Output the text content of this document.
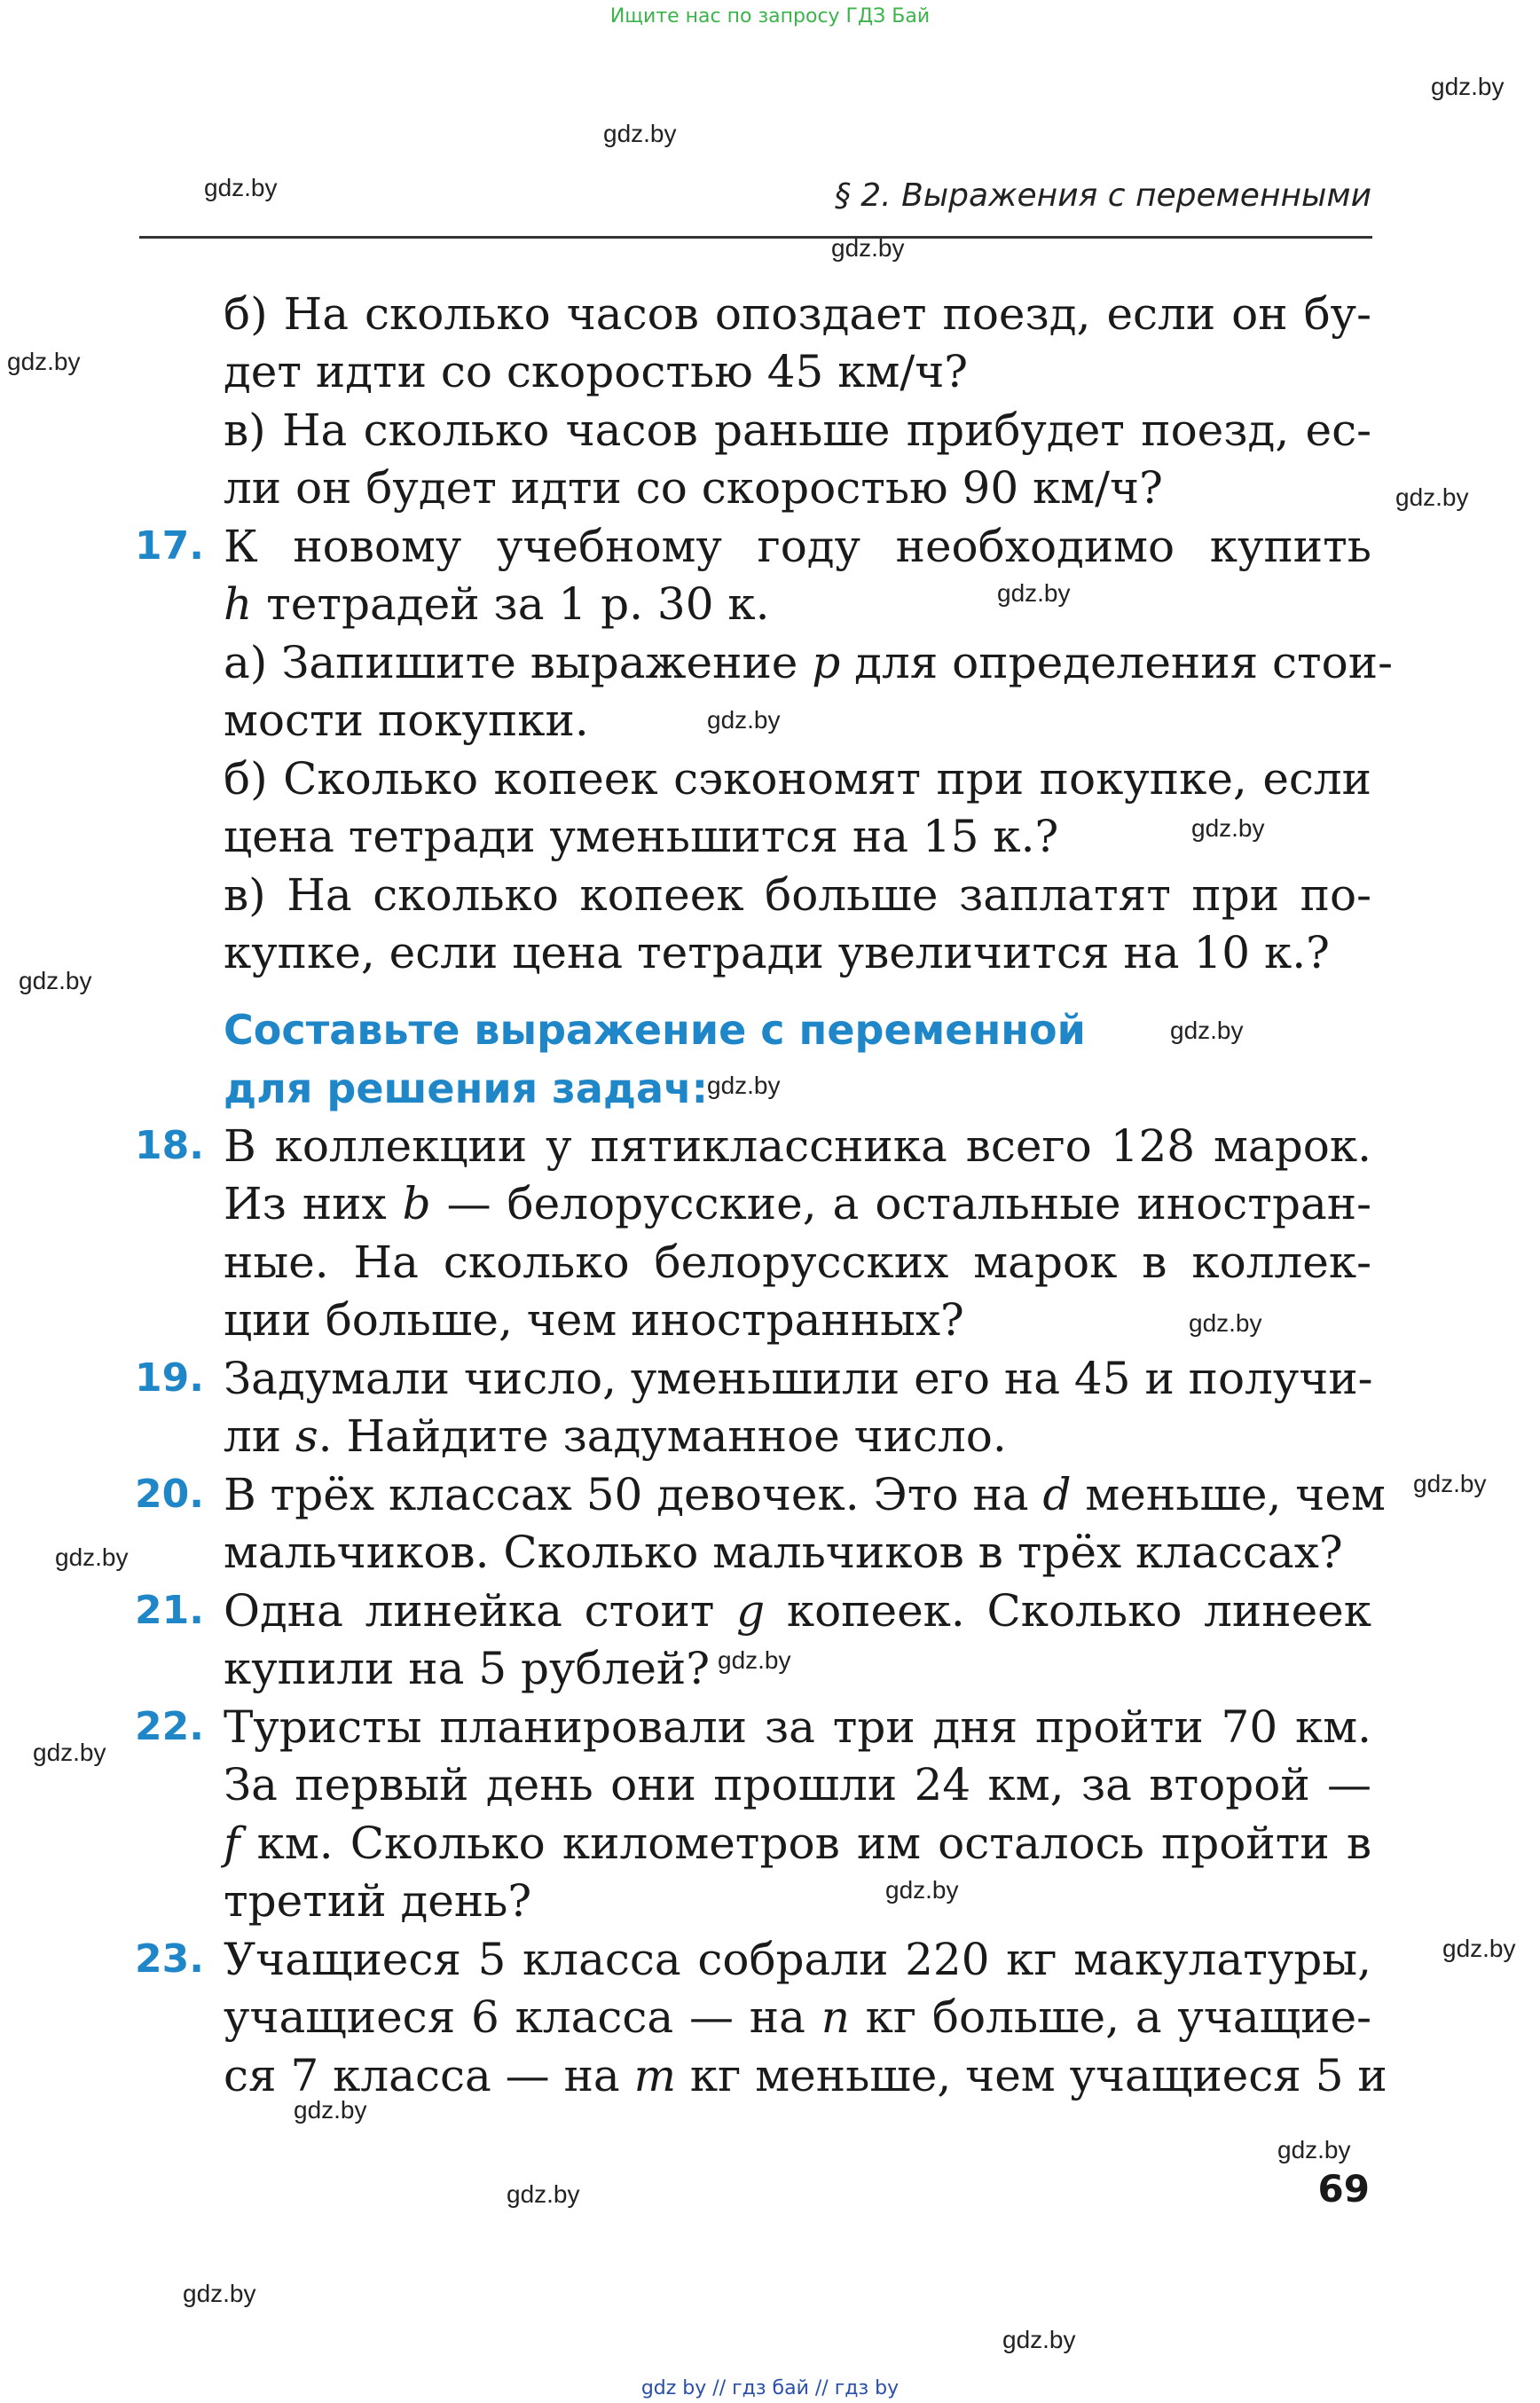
Ищите нас по запросу ГДЗ Бай
§ 2. Выражения с переменными
б) На сколько часов опоздает поезд, если он бу-
дет идти со скоростью 45 км/ч?
в) На сколько часов раньше прибудет поезд, ес-
ли он будет идти со скоростью 90 км/ч?
17. К новому учебному году необходимо купить
h тетрадей за 1 р. 30 к.
а) Запишите выражение p для определения стои-
мости покупки.
б) Сколько копеек сэкономят при покупке, если
цена тетради уменьшится на 15 к.?
в) На сколько копеек больше заплатят при по-
купке, если цена тетради увеличится на 10 к.?
Составьте выражение с переменной
для решения задач:
18. В коллекции у пятиклассника всего 128 марок.
Из них b — белорусские, а остальные иностран-
ные. На сколько белорусских марок в коллек-
ции больше, чем иностранных?
19. Задумали число, уменьшили его на 45 и получи-
ли s. Найдите задуманное число.
20. В трёх классах 50 девочек. Это на d меньше, чем
мальчиков. Сколько мальчиков в трёх классах?
21. Одна линейка стоит g копеек. Сколько линеек
купили на 5 рублей?
22. Туристы планировали за три дня пройти 70 км.
За первый день они прошли 24 км, за второй —
f км. Сколько километров им осталось пройти в
третий день?
23. Учащиеся 5 класса собрали 220 кг макулатуры,
учащиеся 6 класса — на n кг больше, а учащие-
ся 7 класса — на m кг меньше, чем учащиеся 5 и
69
gdz.by
gdz.by
gdz.by
gdz.by
gdz.by
gdz.by
gdz.by
gdz.by
gdz.by
gdz.by
gdz.by
gdz.by
gdz.by
gdz.by
gdz.by
gdz.by
gdz.by
gdz.by
gdz.by
gdz.by
gdz.by
gdz.by
gdz.by
gdz.by
gdz by // гдз бай // гдз by
